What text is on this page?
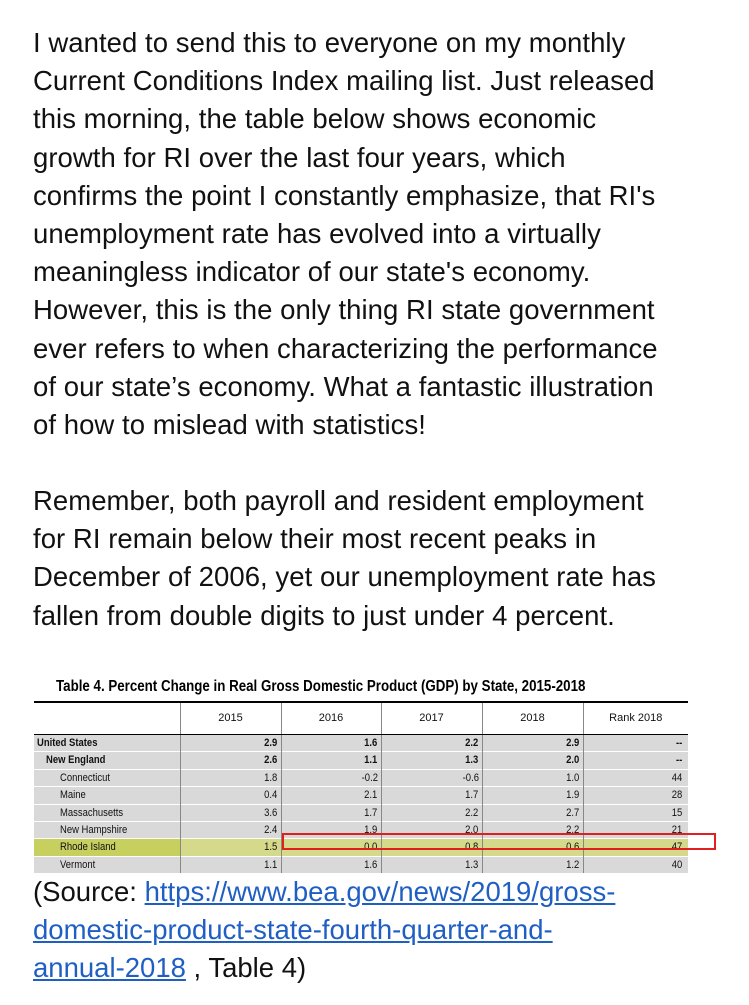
I wanted to send this to everyone on my monthly
Current Conditions Index mailing list. Just released
this morning, the table below shows economic
growth for RI over the last four years, which
confirms the point I constantly emphasize, that RI's
unemployment rate has evolved into a virtually
meaningless indicator of our state's economy.
However, this is the only thing RI state government
ever refers to when characterizing the performance
of our state’s economy. What a fantastic illustration
of how to mislead with statistics!
Remember, both payroll and resident employment
for RI remain below their most recent peaks in
December of 2006, yet our unemployment rate has
fallen from double digits to just under 4 percent.
Table 4. Percent Change in Real Gross Domestic Product (GDP) by State, 2015-2018
	2015	2016	2017	2018	Rank 2018
United States	2.9	1.6	2.2	2.9	--
New England	2.6	1.1	1.3	2.0	--
Connecticut	1.8	-0.2	-0.6	1.0	44
Maine	0.4	2.1	1.7	1.9	28
Massachusetts	3.6	1.7	2.2	2.7	15
New Hampshire	2.4	1.9	2.0	2.2	21
Rhode Island	1.5	0.0	0.8	0.6	47
Vermont	1.1	1.6	1.3	1.2	40
(Source: https://www.bea.gov/news/2019/gross-
domestic-product-state-fourth-quarter-and-
annual-2018 , Table 4)
